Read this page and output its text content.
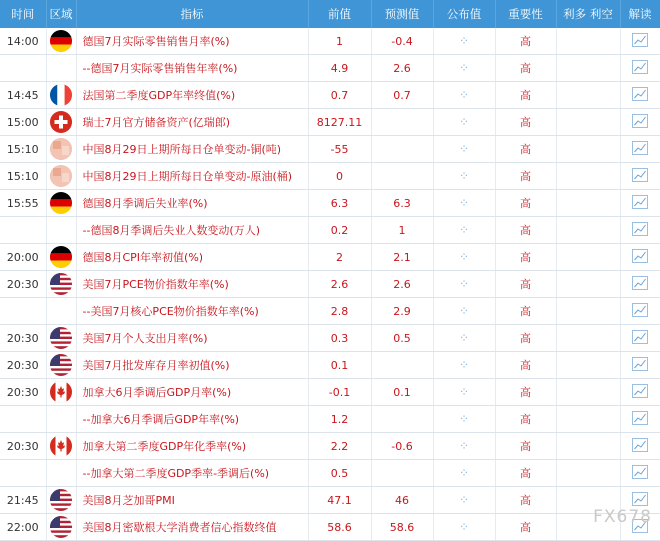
时间	区域	指标	前值	预测值	公布值	重要性	利多 利空	解读
14:00		德国7月实际零售销售月率(%)	1	-0.4	⁘	高		
		--德国7月实际零售销售年率(%)	4.9	2.6	⁘	高		
14:45		法国第二季度GDP年率终值(%)	0.7	0.7	⁘	高		
15:00		瑞士7月官方储备资产(亿瑞郎)	8127.11		⁘	高		
15:10		中国8月29日上期所每日仓单变动-铜(吨)	-55		⁘	高		
15:10		中国8月29日上期所每日仓单变动-原油(桶)	0		⁘	高		
15:55		德国8月季调后失业率(%)	6.3	6.3	⁘	高		
		--德国8月季调后失业人数变动(万人)	0.2	1	⁘	高		
20:00		德国8月CPI年率初值(%)	2	2.1	⁘	高		
20:30		美国7月PCE物价指数年率(%)	2.6	2.6	⁘	高		
		--美国7月核心PCE物价指数年率(%)	2.8	2.9	⁘	高		
20:30		美国7月个人支出月率(%)	0.3	0.5	⁘	高		
20:30		美国7月批发库存月率初值(%)	0.1		⁘	高		
20:30		加拿大6月季调后GDP月率(%)	-0.1	0.1	⁘	高		
		--加拿大6月季调后GDP年率(%)	1.2		⁘	高		
20:30		加拿大第二季度GDP年化季率(%)	2.2	-0.6	⁘	高		
		--加拿大第二季度GDP季率-季调后(%)	0.5		⁘	高		
21:45		美国8月芝加哥PMI	47.1	46	⁘	高		
22:00		美国8月密歇根大学消费者信心指数终值	58.6	58.6	⁘	高		
FX678
